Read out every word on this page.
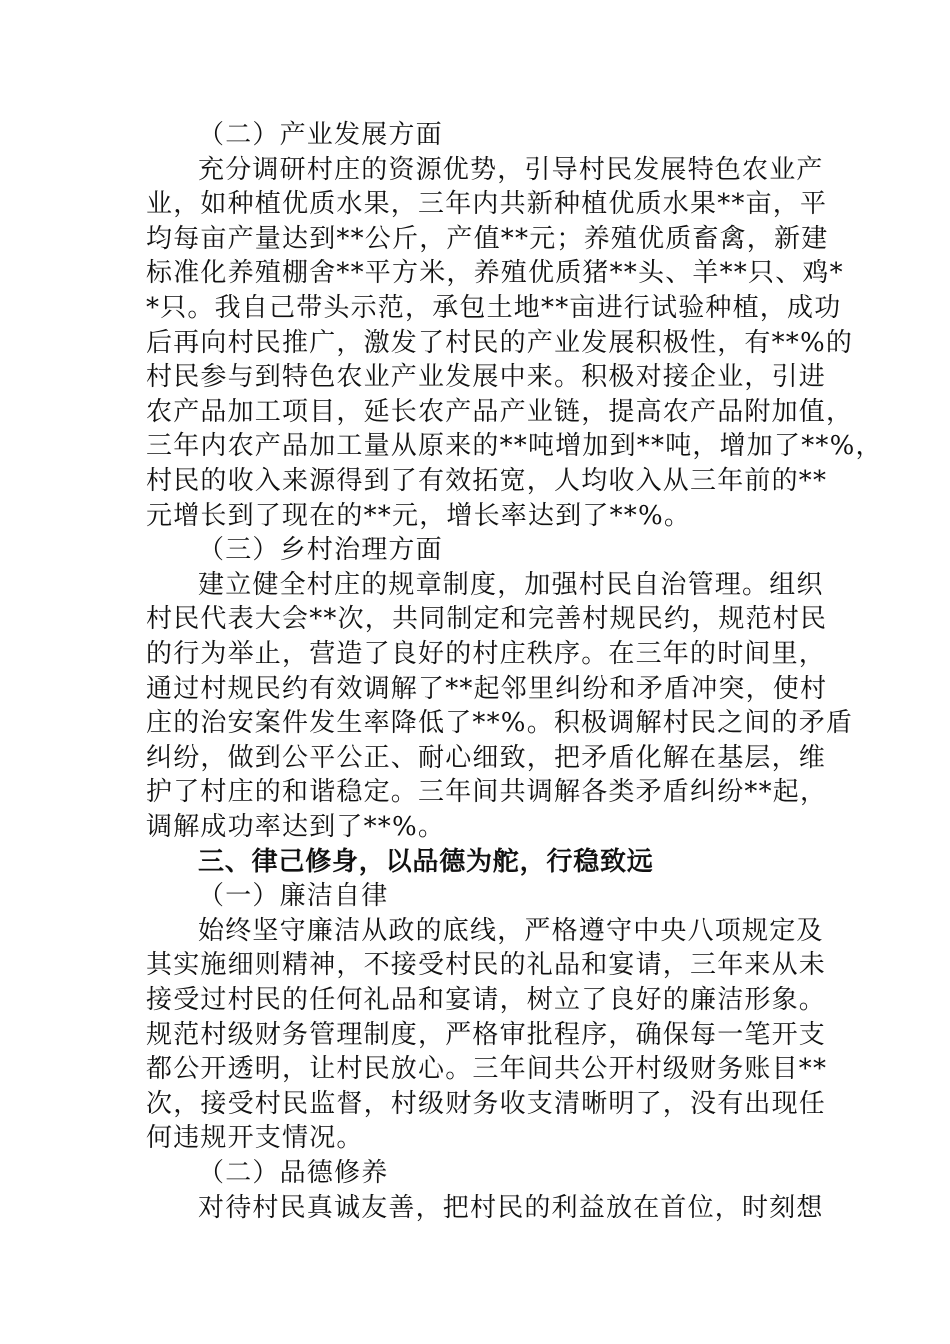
（二）产业发展方面
充分调研村庄的资源优势，引导村民发展特色农业产
业，如种植优质水果，三年内共新种植优质水果**亩，平
均每亩产量达到**公斤，产值**元；养殖优质畜禽，新建
标准化养殖棚舍**平方米，养殖优质猪**头、羊**只、鸡*
*只。我自己带头示范，承包土地**亩进行试验种植，成功
后再向村民推广，激发了村民的产业发展积极性，有**%的
村民参与到特色农业产业发展中来。积极对接企业，引进
农产品加工项目，延长农产品产业链，提高农产品附加值，
三年内农产品加工量从原来的**吨增加到**吨，增加了**%，
村民的收入来源得到了有效拓宽，人均收入从三年前的**
元增长到了现在的**元，增长率达到了**%。
（三）乡村治理方面
建立健全村庄的规章制度，加强村民自治管理。组织
村民代表大会**次，共同制定和完善村规民约，规范村民
的行为举止，营造了良好的村庄秩序。在三年的时间里，
通过村规民约有效调解了**起邻里纠纷和矛盾冲突，使村
庄的治安案件发生率降低了**%。积极调解村民之间的矛盾
纠纷，做到公平公正、耐心细致，把矛盾化解在基层，维
护了村庄的和谐稳定。三年间共调解各类矛盾纠纷**起，
调解成功率达到了**%。
三、律己修身，以品德为舵，行稳致远
（一）廉洁自律
始终坚守廉洁从政的底线，严格遵守中央八项规定及
其实施细则精神，不接受村民的礼品和宴请，三年来从未
接受过村民的任何礼品和宴请，树立了良好的廉洁形象。
规范村级财务管理制度，严格审批程序，确保每一笔开支
都公开透明，让村民放心。三年间共公开村级财务账目**
次，接受村民监督，村级财务收支清晰明了，没有出现任
何违规开支情况。
（二）品德修养
对待村民真诚友善，把村民的利益放在首位，时刻想
